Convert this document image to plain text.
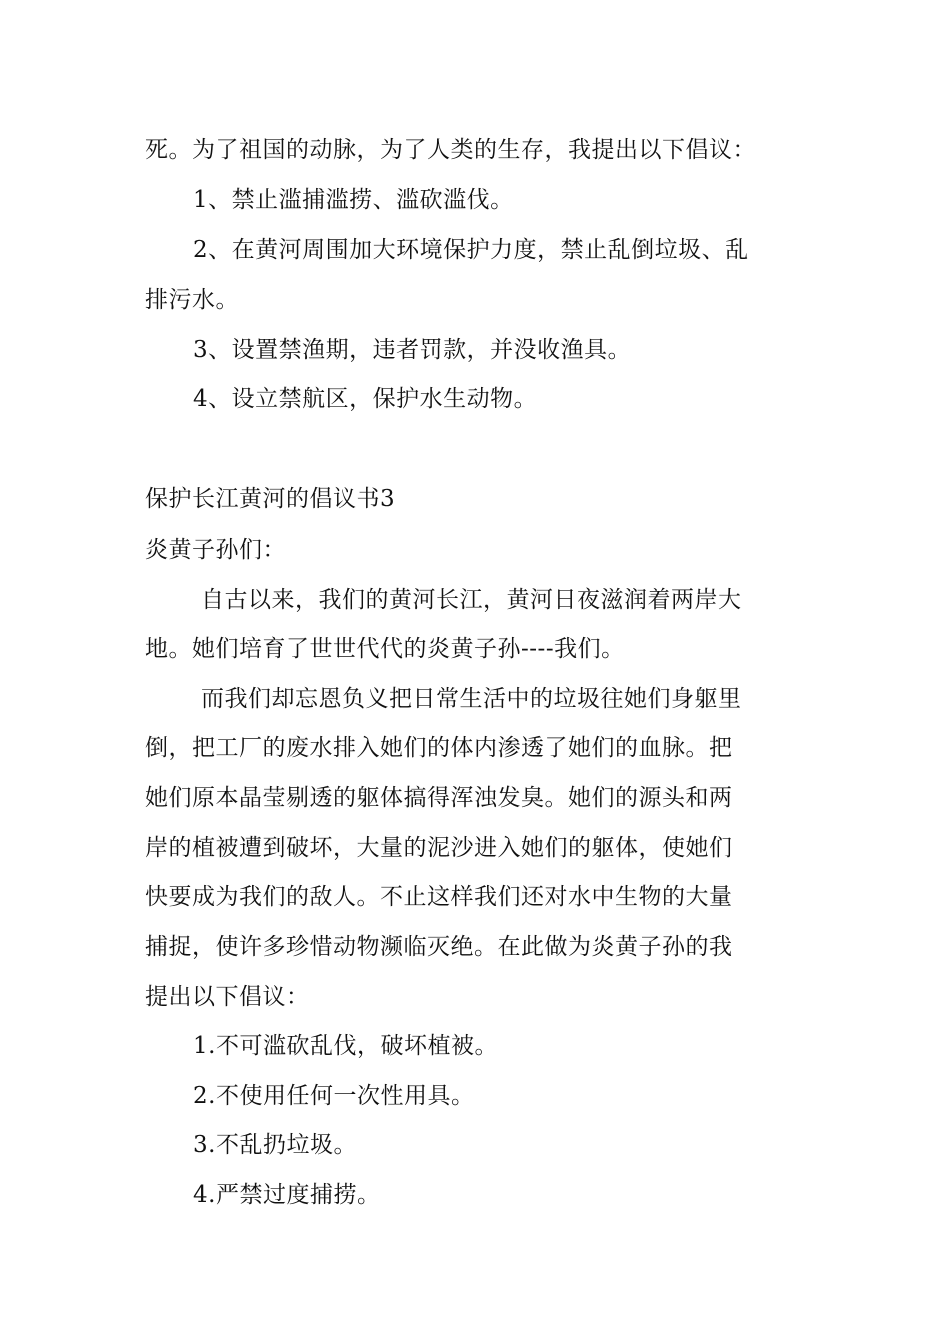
死。为了祖国的动脉，为了人类的生存，我提出以下倡议：
1、禁止滥捕滥捞、滥砍滥伐。
2、在黄河周围加大环境保护力度，禁止乱倒垃圾、乱
排污水。
3、设置禁渔期，违者罚款，并没收渔具。
4、设立禁航区，保护水生动物。
保护长江黄河的倡议书3
炎黄子孙们：
自古以来，我们的黄河长江，黄河日夜滋润着两岸大
地。她们培育了世世代代的炎黄子孙----我们。
而我们却忘恩负义把日常生活中的垃圾往她们身躯里
倒，把工厂的废水排入她们的体内渗透了她们的血脉。把
她们原本晶莹剔透的躯体搞得浑浊发臭。她们的源头和两
岸的植被遭到破坏，大量的泥沙进入她们的躯体，使她们
快要成为我们的敌人。不止这样我们还对水中生物的大量
捕捉，使许多珍惜动物濒临灭绝。在此做为炎黄子孙的我
提出以下倡议：
1.不可滥砍乱伐，破坏植被。
2.不使用任何一次性用具。
3.不乱扔垃圾。
4.严禁过度捕捞。
